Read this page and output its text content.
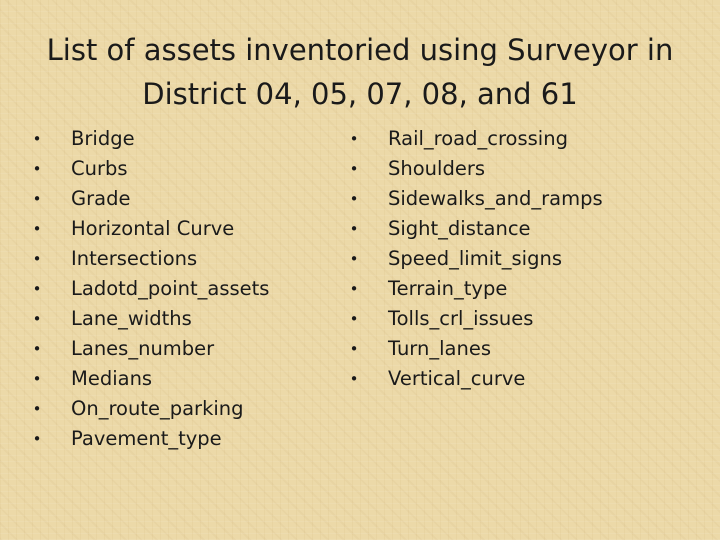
List of assets inventoried using Surveyor in
District 04, 05, 07, 08, and 61
• Bridge
• Curbs
• Grade
• Horizontal Curve
• Intersections
• Ladotd_point_assets
• Lane_widths
• Lanes_number
• Medians
• On_route_parking
• Pavement_type
• Rail_road_crossing
• Shoulders
• Sidewalks_and_ramps
• Sight_distance
• Speed_limit_signs
• Terrain_type
• Tolls_crl_issues
• Turn_lanes
• Vertical_curve
